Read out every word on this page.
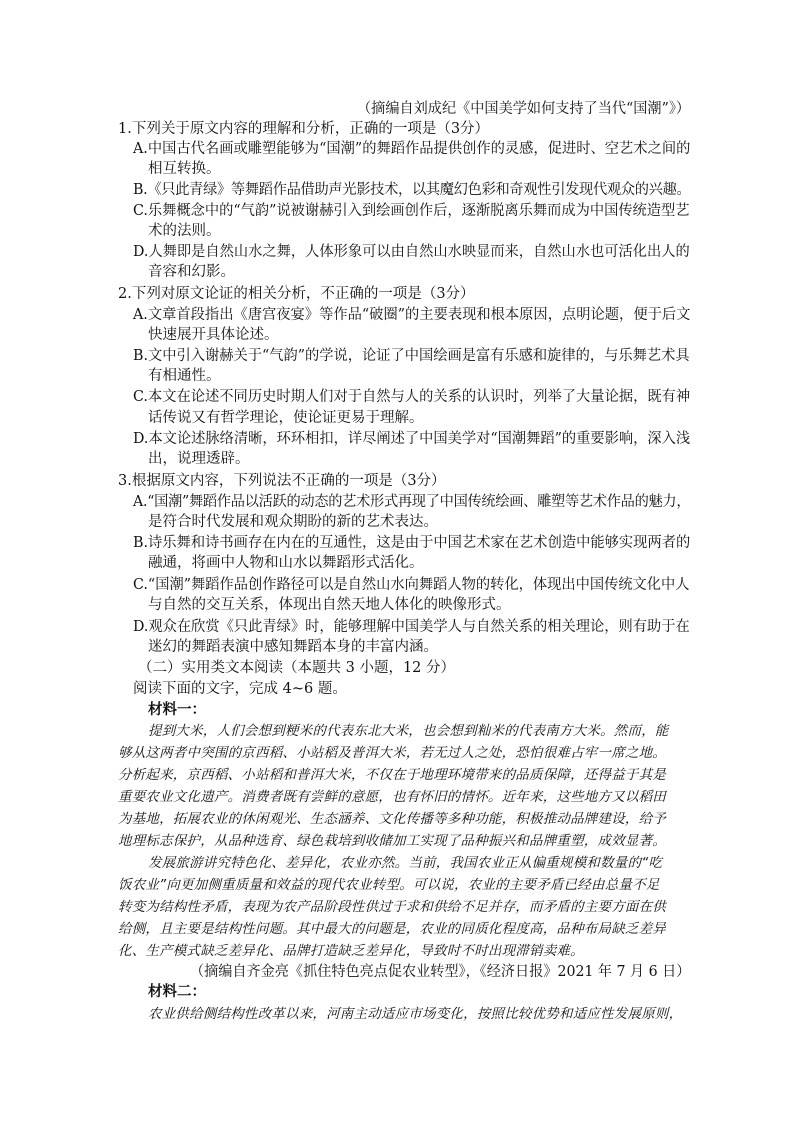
（摘编自刘成纪《中国美学如何支持了当代“国潮”》）
1.下列关于原文内容的理解和分析，正确的一项是（3分）
A.中国古代名画或雕塑能够为“国潮”的舞蹈作品提供创作的灵感，促进时、空艺术之间的
相互转换。
B.《只此青绿》等舞蹈作品借助声光影技术，以其魔幻色彩和奇观性引发现代观众的兴趣。
C.乐舞概念中的“气韵”说被谢赫引入到绘画创作后，逐渐脱离乐舞而成为中国传统造型艺
术的法则。
D.人舞即是自然山水之舞，人体形象可以由自然山水映显而来，自然山水也可活化出人的
音容和幻影。
2.下列对原文论证的相关分析，不正确的一项是（3分）
A.文章首段指出《唐宫夜宴》等作品“破圈”的主要表现和根本原因，点明论题，便于后文
快速展开具体论述。
B.文中引入谢赫关于“气韵”的学说，论证了中国绘画是富有乐感和旋律的，与乐舞艺术具
有相通性。
C.本文在论述不同历史时期人们对于自然与人的关系的认识时，列举了大量论据，既有神
话传说又有哲学理论，使论证更易于理解。
D.本文论述脉络清晰，环环相扣，详尽阐述了中国美学对“国潮舞蹈”的重要影响，深入浅
出，说理透辟。
3.根据原文内容，下列说法不正确的一项是（3分）
A.“国潮”舞蹈作品以活跃的动态的艺术形式再现了中国传统绘画、雕塑等艺术作品的魅力，
是符合时代发展和观众期盼的新的艺术表达。
B.诗乐舞和诗书画存在内在的互通性，这是由于中国艺术家在艺术创造中能够实现两者的
融通，将画中人物和山水以舞蹈形式活化。
C.“国潮”舞蹈作品创作路径可以是自然山水向舞蹈人物的转化，体现出中国传统文化中人
与自然的交互关系，体现出自然天地人体化的映像形式。
D.观众在欣赏《只此青绿》时，能够理解中国美学人与自然关系的相关理论，则有助于在
迷幻的舞蹈表演中感知舞蹈本身的丰富内涵。
（二）实用类文本阅读（本题共 3 小题，12 分）
阅读下面的文字，完成 4~6 题。
材料一：
提到大米，人们会想到粳米的代表东北大米，也会想到籼米的代表南方大米。然而，能
够从这两者中突围的京西稻、小站稻及普洱大米，若无过人之处，恐怕很难占牢一席之地。
分析起来，京西稻、小站稻和普洱大米，不仅在于地理环境带来的品质保障，还得益于其是
重要农业文化遗产。消费者既有尝鲜的意愿，也有怀旧的情怀。近年来，这些地方又以稻田
为基地，拓展农业的休闲观光、生态涵养、文化传播等多种功能，积极推动品牌建设，给予
地理标志保护，从品种选育、绿色栽培到收储加工实现了品种振兴和品牌重塑，成效显著。
发展旅游讲究特色化、差异化，农业亦然。当前，我国农业正从偏重规模和数量的“吃
饭农业”向更加侧重质量和效益的现代农业转型。可以说，农业的主要矛盾已经由总量不足
转变为结构性矛盾，表现为农产品阶段性供过于求和供给不足并存，而矛盾的主要方面在供
给侧，且主要是结构性问题。其中最大的问题是，农业的同质化程度高，品种布局缺乏差异
化、生产模式缺乏差异化、品牌打造缺乏差异化，导致时不时出现滞销卖难。
（摘编自齐金亮《抓住特色亮点促农业转型》，《经济日报》2021 年 7 月 6 日）
材料二：
农业供给侧结构性改革以来，河南主动适应市场变化，按照比较优势和适应性发展原则，
